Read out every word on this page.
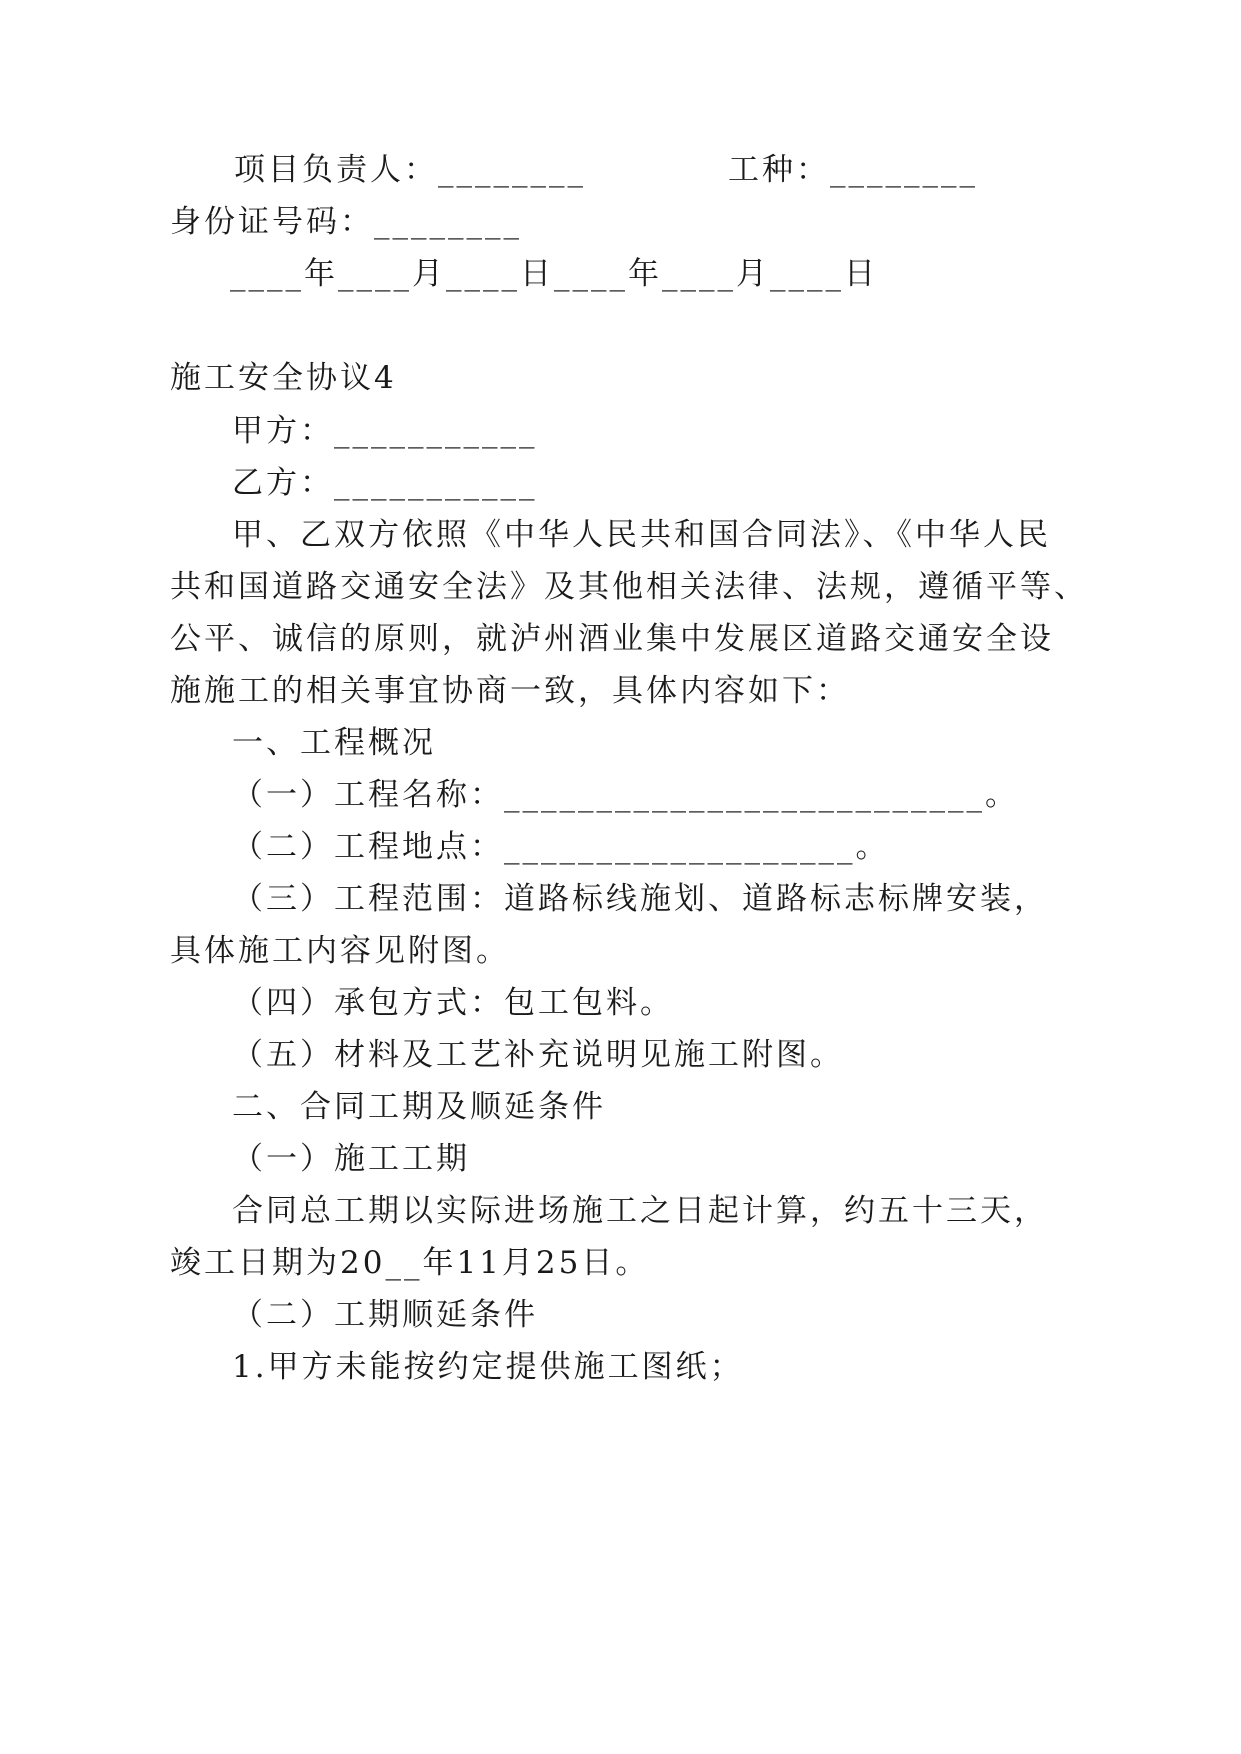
项目负责人：________	工种：________
身份证号码：________
____年____月____日____年____月____日
施工安全协议4
甲方：___________
乙方：___________
甲、乙双方依照《中华人民共和国合同法》、《中华人民
共和国道路交通安全法》及其他相关法律、法规，遵循平等、
公平、诚信的原则，就泸州酒业集中发展区道路交通安全设
施施工的相关事宜协商一致，具体内容如下：
一、工程概况
（一）工程名称：__________________________。
（二）工程地点：___________________。
（三）工程范围：道路标线施划、道路标志标牌安装，
具体施工内容见附图。
（四）承包方式：包工包料。
（五）材料及工艺补充说明见施工附图。
二、合同工期及顺延条件
（一）施工工期
合同总工期以实际进场施工之日起计算，约五十三天，
竣工日期为20__年11月25日。
（二）工期顺延条件
1.甲方未能按约定提供施工图纸；
